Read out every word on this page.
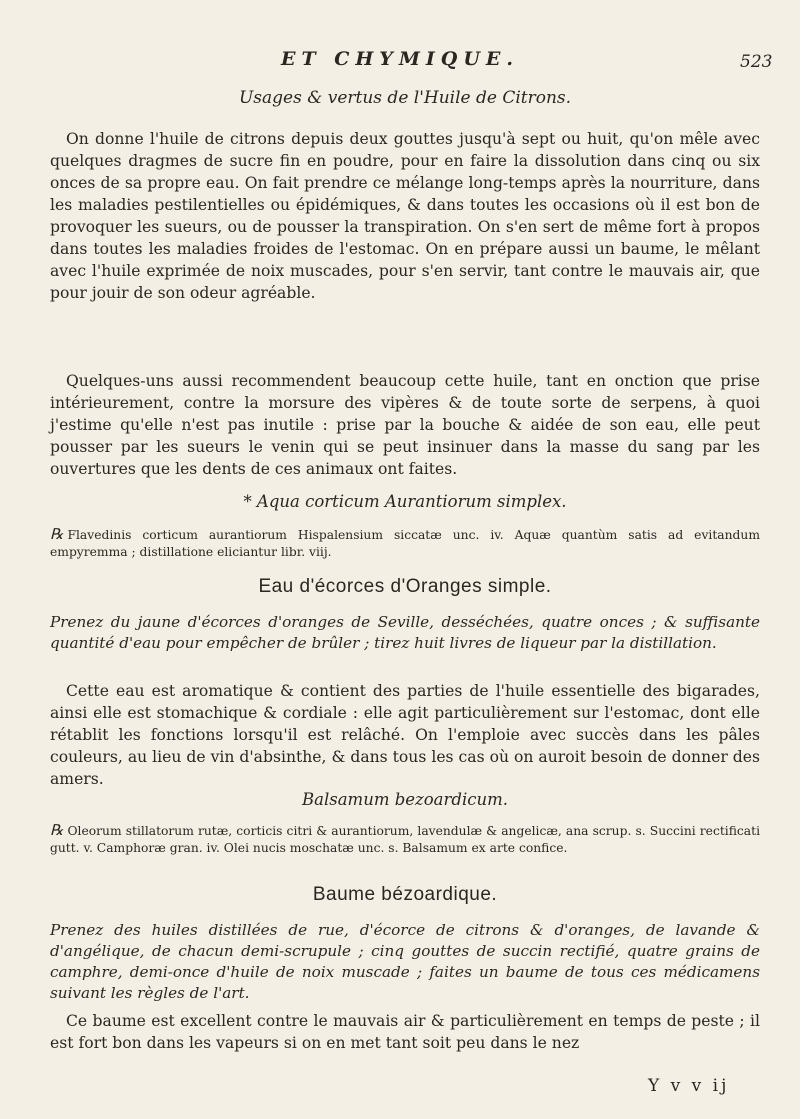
ET CHYMIQUE.	523
Usages & vertus de l'Huile de Citrons.

On donne l'huile de citrons depuis deux gouttes jusqu'à sept ou huit, qu'on mêle avec quelques dragmes de sucre fin en poudre, pour en faire la dissolution dans cinq ou six onces de sa propre eau. On fait prendre ce mélange long-temps après la nourriture, dans les maladies pestilentielles ou épidémiques, & dans toutes les occasions où il est bon de provoquer les sueurs, ou de pousser la transpiration. On s'en sert de même fort à propos dans toutes les maladies froides de l'estomac. On en prépare aussi un baume, le mêlant avec l'huile exprimée de noix muscades, pour s'en servir, tant contre le mauvais air, que pour jouir de son odeur agréable.

Quelques-uns aussi recommendent beaucoup cette huile, tant en onction que prise intérieurement, contre la morsure des vipères & de toute sorte de serpens, à quoi j'estime qu'elle n'est pas inutile : prise par la bouche & aidée de son eau, elle peut pousser par les sueurs le venin qui se peut insinuer dans la masse du sang par les ouvertures que les dents de ces animaux ont faites.

* Aqua corticum Aurantiorum simplex.
℞ Flavedinis corticum aurantiorum Hispalensium siccatæ unc. iv. Aquæ quantùm satis ad evitandum empyremma ; distillatione eliciantur libr. viij.
Eau d'écorces d'Oranges simple.
Prenez du jaune d'écorces d'oranges de Seville, desséchées, quatre onces ; & suffisante quantité d'eau pour empêcher de brûler ; tirez huit livres de liqueur par la distillation.

Cette eau est aromatique & contient des parties de l'huile essentielle des bigarades, ainsi elle est stomachique & cordiale : elle agit particulièrement sur l'estomac, dont elle rétablit les fonctions lorsqu'il est relâché. On l'emploie avec succès dans les pâles couleurs, au lieu de vin d'absinthe, & dans tous les cas où on auroit besoin de donner des amers.

Balsamum bezoardicum.
℞ Oleorum stillatorum rutæ, corticis citri & aurantiorum, lavendulæ & angelicæ, ana scrup. s. Succini rectificati gutt. v. Camphoræ gran. iv. Olei nucis moschatæ unc. s. Balsamum ex arte confice.
Baume bézoardique.
Prenez des huiles distillées de rue, d'écorce de citrons & d'oranges, de lavande & d'angélique, de chacun demi-scrupule ; cinq gouttes de succin rectifié, quatre grains de camphre, demi-once d'huile de noix muscade ; faites un baume de tous ces médicamens suivant les règles de l'art.

Ce baume est excellent contre le mauvais air & particulièrement en temps de peste ; il est fort bon dans les vapeurs si on en met tant soit peu dans le nez

Y v v ij
